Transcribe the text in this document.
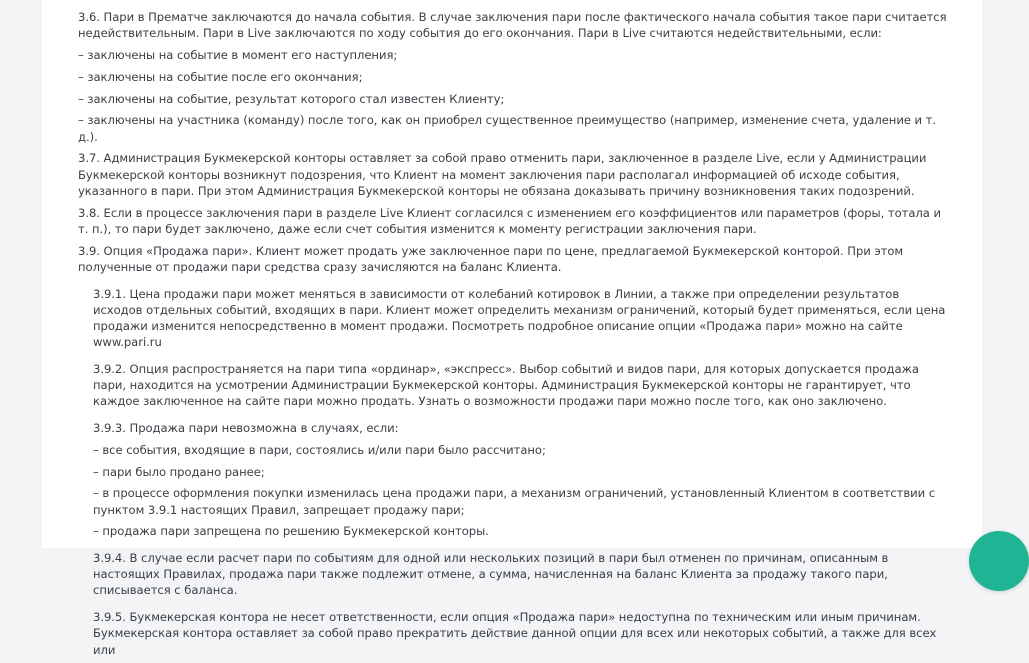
3.6. Пари в Прематче заключаются до начала события. В случае заключения пари после фактического начала события такое пари считается недействительным. Пари в Live заключаются по ходу события до его окончания. Пари в Live считаются недействительными, если:

– заключены на событие в момент его наступления;

– заключены на событие после его окончания;

– заключены на событие, результат которого стал известен Клиенту;

– заключены на участника (команду) после того, как он приобрел существенное преимущество (например, изменение счета, удаление и т. д.).

3.7. Администрация Букмекерской конторы оставляет за собой право отменить пари, заключенное в разделе Live, если у Администрации Букмекерской конторы возникнут подозрения, что Клиент на момент заключения пари располагал информацией об исходе события, указанного в пари. При этом Администрация Букмекерской конторы не обязана доказывать причину возникновения таких подозрений.

3.8. Если в процессе заключения пари в разделе Live Клиент согласился с изменением его коэффициентов или параметров (форы, тотала и т. п.), то пари будет заключено, даже если счет события изменится к моменту регистрации заключения пари.

3.9. Опция «Продажа пари». Клиент может продать уже заключенное пари по цене, предлагаемой Букмекерской конторой. При этом полученные от продажи пари средства сразу зачисляются на баланс Клиента.

3.9.1. Цена продажи пари может меняться в зависимости от колебаний котировок в Линии, а также при определении результатов исходов отдельных событий, входящих в пари. Клиент может определить механизм ограничений, который будет применяться, если цена продажи изменится непосредственно в момент продажи. Посмотреть подробное описание опции «Продажа пари» можно на сайте www.pari.ru

3.9.2. Опция распространяется на пари типа «ординар», «экспресс». Выбор событий и видов пари, для которых допускается продажа пари, находится на усмотрении Администрации Букмекерской конторы. Администрация Букмекерской конторы не гарантирует, что каждое заключенное на сайте пари можно продать. Узнать о возможности продажи пари можно после того, как оно заключено.

3.9.3. Продажа пари невозможна в случаях, если:

– все события, входящие в пари, состоялись и/или пари было рассчитано;

– пари было продано ранее;

– в процессе оформления покупки изменилась цена продажи пари, а механизм ограничений, установленный Клиентом в соответствии с пунктом 3.9.1 настоящих Правил, запрещает продажу пари;

– продажа пари запрещена по решению Букмекерской конторы.

3.9.4. В случае если расчет пари по событиям для одной или нескольких позиций в пари был отменен по причинам, описанным в настоящих Правилах, продажа пари также подлежит отмене, а сумма, начисленная на баланс Клиента за продажу такого пари, списывается с баланса.

3.9.5. Букмекерская контора не несет ответственности, если опция «Продажа пари» недоступна по техническим или иным причинам. Букмекерская контора оставляет за собой право прекратить действие данной опции для всех или некоторых событий, а также для всех или
